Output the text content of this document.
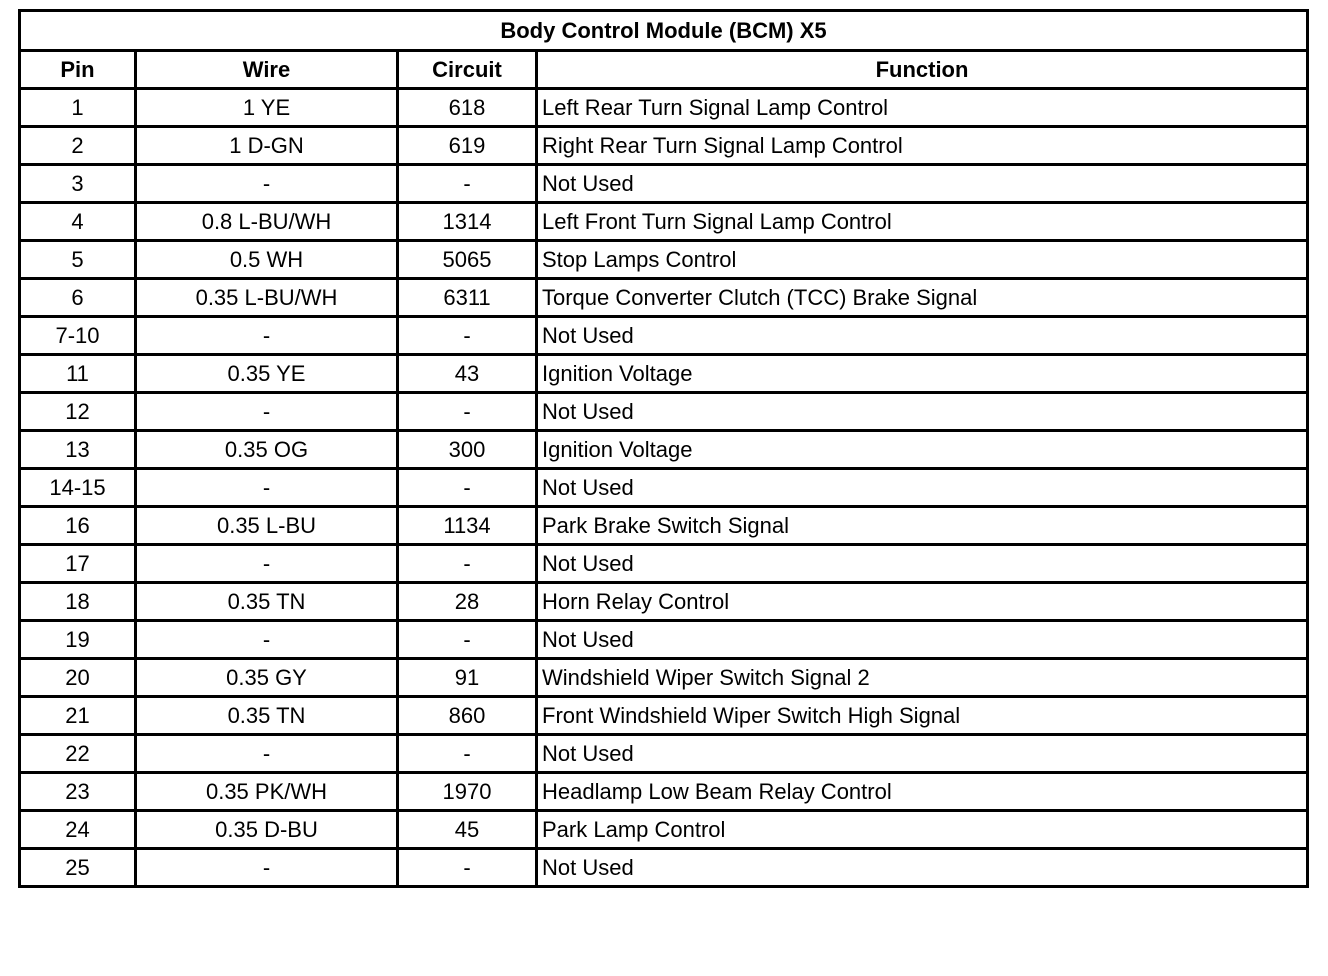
Body Control Module (BCM) X5			
Pin	Wire	Circuit	Function
1	1 YE	618	Left Rear Turn Signal Lamp Control
2	1 D-GN	619	Right Rear Turn Signal Lamp Control
3	-	-	Not Used
4	0.8 L-BU/WH	1314	Left Front Turn Signal Lamp Control
5	0.5 WH	5065	Stop Lamps Control
6	0.35 L-BU/WH	6311	Torque Converter Clutch (TCC) Brake Signal
7-10	-	-	Not Used
11	0.35 YE	43	Ignition Voltage
12	-	-	Not Used
13	0.35 OG	300	Ignition Voltage
14-15	-	-	Not Used
16	0.35 L-BU	1134	Park Brake Switch Signal
17	-	-	Not Used
18	0.35 TN	28	Horn Relay Control
19	-	-	Not Used
20	0.35 GY	91	Windshield Wiper Switch Signal 2
21	0.35 TN	860	Front Windshield Wiper Switch High Signal
22	-	-	Not Used
23	0.35 PK/WH	1970	Headlamp Low Beam Relay Control
24	0.35 D-BU	45	Park Lamp Control
25	-	-	Not Used
